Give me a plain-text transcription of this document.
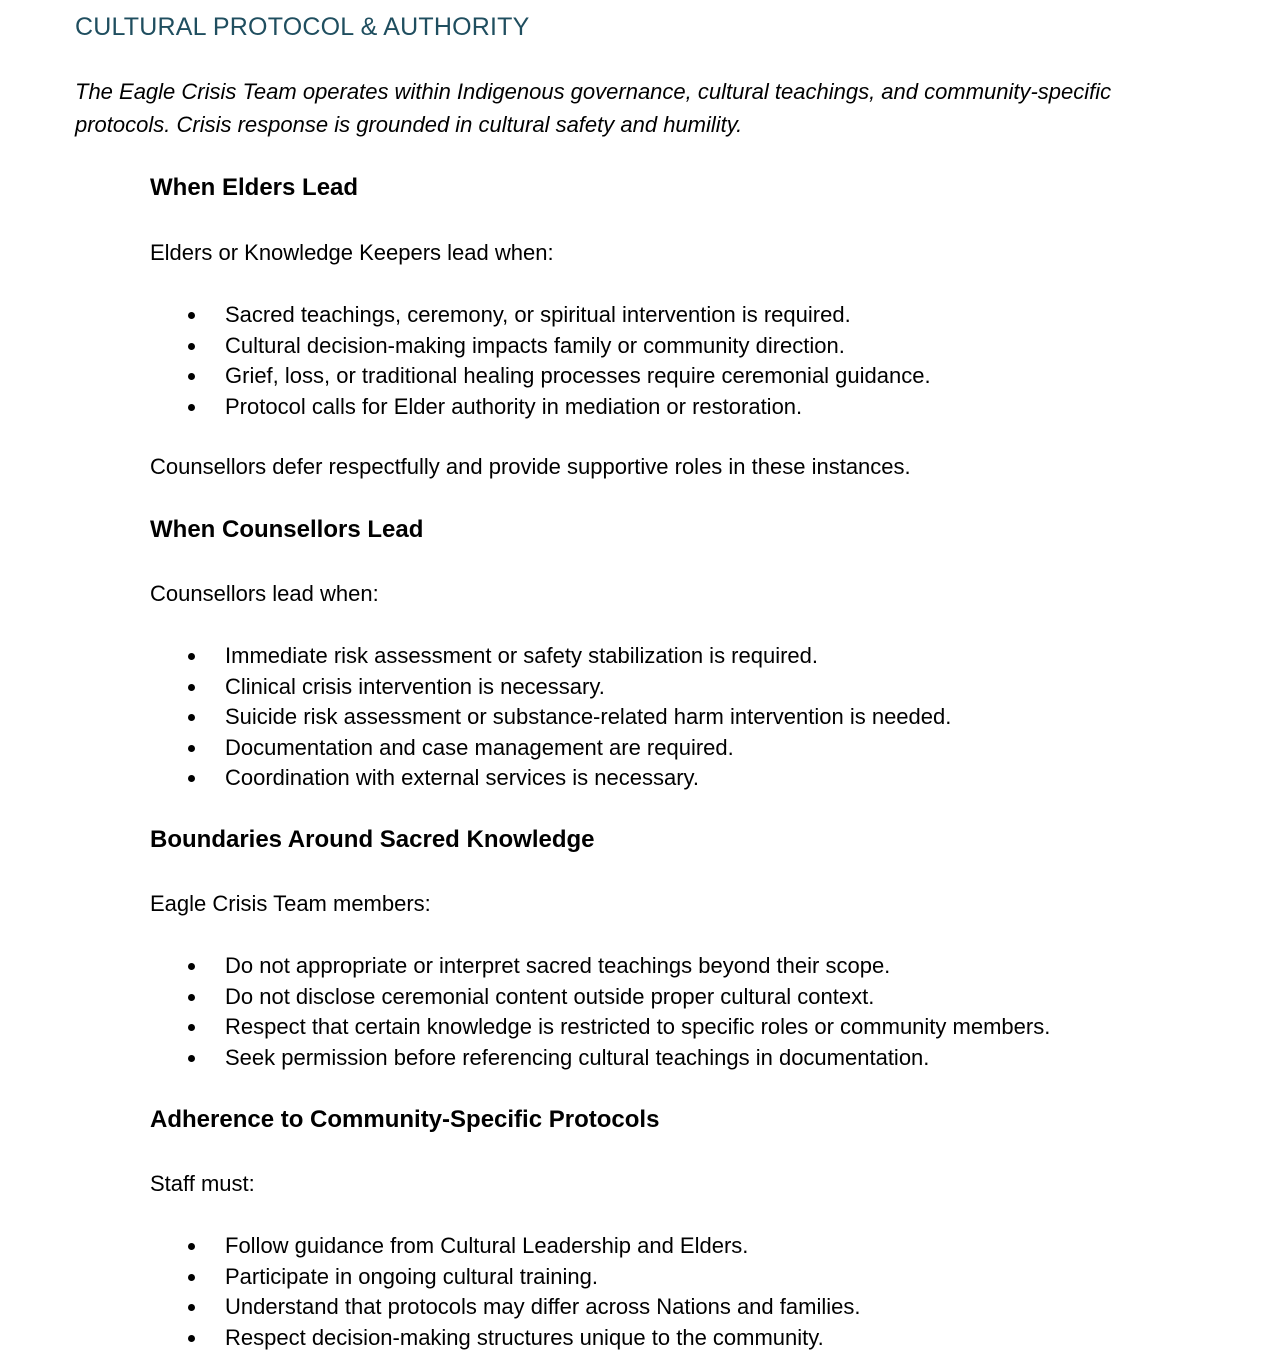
CULTURAL PROTOCOL & AUTHORITY

The Eagle Crisis Team operates within Indigenous governance, cultural teachings, and community-specific protocols. Crisis response is grounded in cultural safety and humility.

When Elders Lead

Elders or Knowledge Keepers lead when:

Sacred teachings, ceremony, or spiritual intervention is required.
Cultural decision-making impacts family or community direction.
Grief, loss, or traditional healing processes require ceremonial guidance.
Protocol calls for Elder authority in mediation or restoration.

Counsellors defer respectfully and provide supportive roles in these instances.

When Counsellors Lead

Counsellors lead when:

Immediate risk assessment or safety stabilization is required.
Clinical crisis intervention is necessary.
Suicide risk assessment or substance-related harm intervention is needed.
Documentation and case management are required.
Coordination with external services is necessary.
Boundaries Around Sacred Knowledge

Eagle Crisis Team members:

Do not appropriate or interpret sacred teachings beyond their scope.
Do not disclose ceremonial content outside proper cultural context.
Respect that certain knowledge is restricted to specific roles or community members.
Seek permission before referencing cultural teachings in documentation.
Adherence to Community-Specific Protocols

Staff must:

Follow guidance from Cultural Leadership and Elders.
Participate in ongoing cultural training.
Understand that protocols may differ across Nations and families.
Respect decision-making structures unique to the community.
